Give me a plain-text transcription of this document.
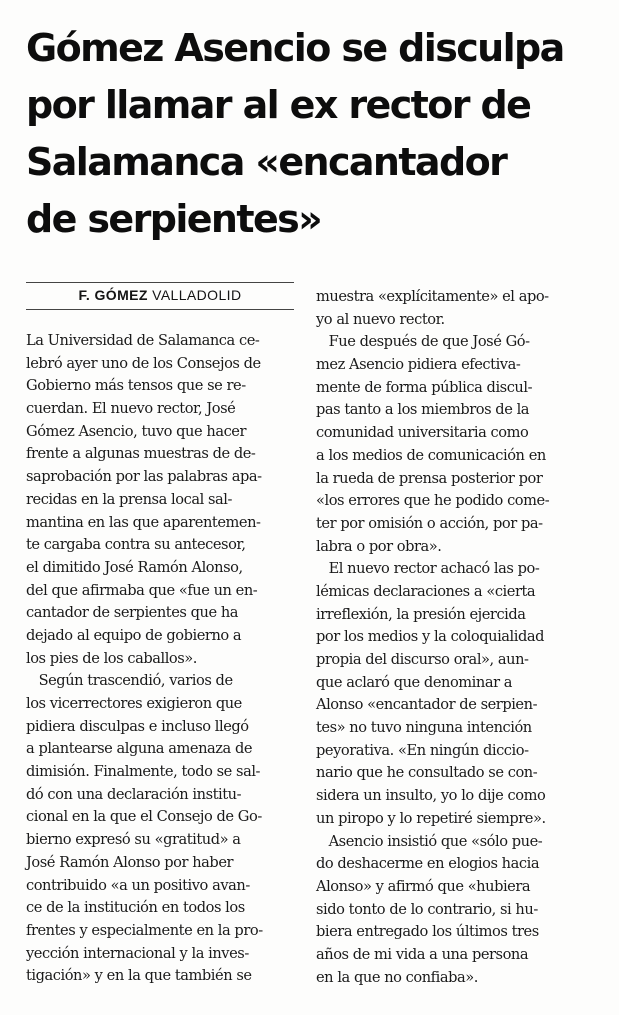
Gómez Asencio se disculpa
por llamar al ex rector de
Salamanca «encantador
de serpientes»
F. GÓMEZ VALLADOLID
La Universidad de Salamanca ce-
lebró ayer uno de los Consejos de
Gobierno más tensos que se re-
cuerdan. El nuevo rector, José
Gómez Asencio, tuvo que hacer
frente a algunas muestras de de-
saprobación por las palabras apa-
recidas en la prensa local sal-
mantina en las que aparentemen-
te cargaba contra su antecesor,
el dimitido José Ramón Alonso,
del que afirmaba que «fue un en-
cantador de serpientes que ha
dejado al equipo de gobierno a
los pies de los caballos».
Según trascendió, varios de
los vicerrectores exigieron que
pidiera disculpas e incluso llegó
a plantearse alguna amenaza de
dimisión. Finalmente, todo se sal-
dó con una declaración institu-
cional en la que el Consejo de Go-
bierno expresó su «gratitud» a
José Ramón Alonso por haber
contribuido «a un positivo avan-
ce de la institución en todos los
frentes y especialmente en la pro-
yección internacional y la inves-
tigación» y en la que también se
muestra «explícitamente» el apo-
yo al nuevo rector.
Fue después de que José Gó-
mez Asencio pidiera efectiva-
mente de forma pública discul-
pas tanto a los miembros de la
comunidad universitaria como
a los medios de comunicación en
la rueda de prensa posterior por
«los errores que he podido come-
ter por omisión o acción, por pa-
labra o por obra».
El nuevo rector achacó las po-
lémicas declaraciones a «cierta
irreflexión, la presión ejercida
por los medios y la coloquialidad
propia del discurso oral», aun-
que aclaró que denominar a
Alonso «encantador de serpien-
tes» no tuvo ninguna intención
peyorativa. «En ningún diccio-
nario que he consultado se con-
sidera un insulto, yo lo dije como
un piropo y lo repetiré siempre».
Asencio insistió que «sólo pue-
do deshacerme en elogios hacia
Alonso» y afirmó que «hubiera
sido tonto de lo contrario, si hu-
biera entregado los últimos tres
años de mi vida a una persona
en la que no confiaba».
